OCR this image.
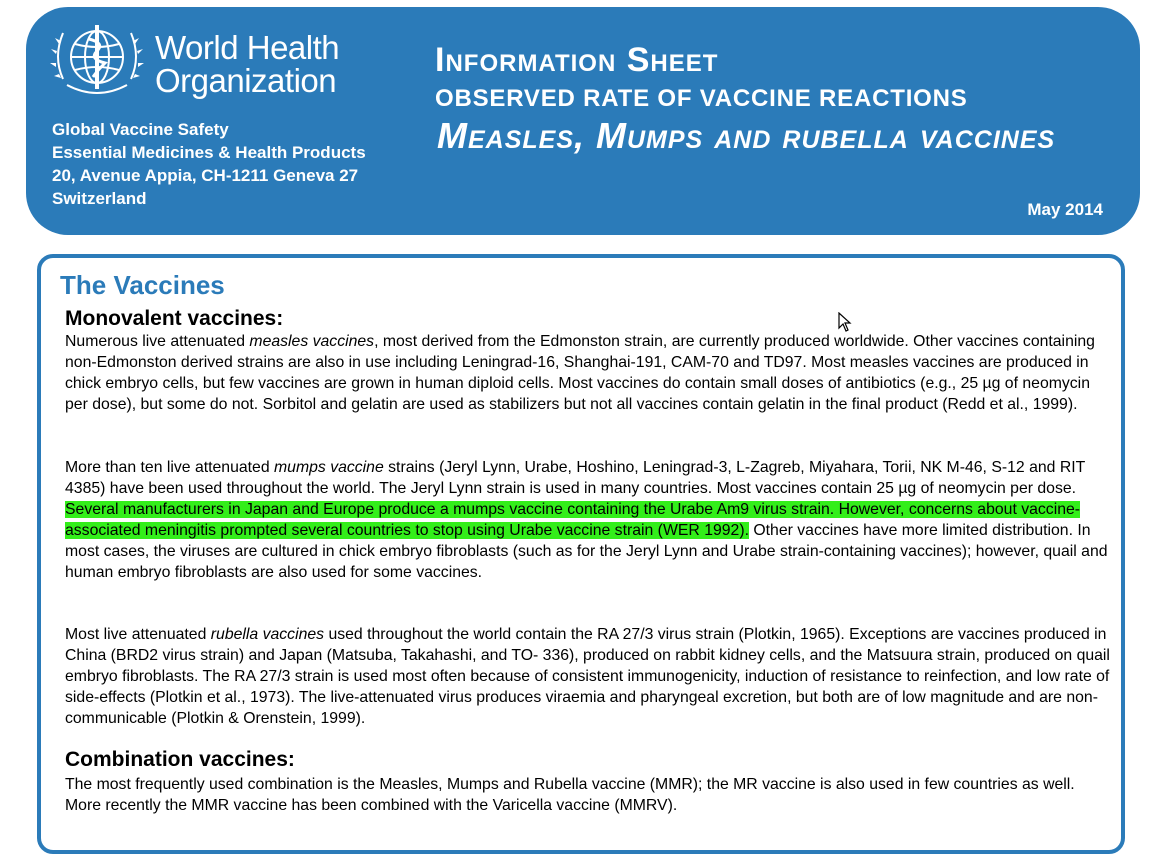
World Health
Organization
Global Vaccine Safety
Essential Medicines & Health Products
20, Avenue Appia, CH-1211 Geneva 27
Switzerland
Information Sheet
OBSERVED RATE OF VACCINE REACTIONS
Measles, Mumps and rubella vaccines
May 2014
The Vaccines
Monovalent vaccines:
Numerous live attenuated measles vaccines, most derived from the Edmonston strain, are currently produced worldwide. Other vaccines containing non-Edmonston derived strains are also in use including Leningrad-16, Shanghai-191, CAM-70 and TD97. Most measles vaccines are produced in chick embryo cells, but few vaccines are grown in human diploid cells. Most vaccines do contain small doses of antibiotics (e.g., 25 µg of neomycin per dose), but some do not. Sorbitol and gelatin are used as stabilizers but not all vaccines contain gelatin in the final product (Redd et al., 1999).
More than ten live attenuated mumps vaccine strains (Jeryl Lynn, Urabe, Hoshino, Leningrad-3, L-Zagreb, Miyahara, Torii, NK M-46, S-12 and RIT 4385) have been used throughout the world. The Jeryl Lynn strain is used in many countries. Most vaccines contain 25 µg of neomycin per dose. Several manufacturers in Japan and Europe produce a mumps vaccine containing the Urabe Am9 virus strain. However, concerns about vaccine-associated meningitis prompted several countries to stop using Urabe vaccine strain (WER 1992). Other vaccines have more limited distribution. In most cases, the viruses are cultured in chick embryo fibroblasts (such as for the Jeryl Lynn and Urabe strain-containing vaccines); however, quail and human embryo fibroblasts are also used for some vaccines.
Most live attenuated rubella vaccines used throughout the world contain the RA 27/3 virus strain (Plotkin, 1965). Exceptions are vaccines produced in China (BRD2 virus strain) and Japan (Matsuba, Takahashi, and TO- 336), produced on rabbit kidney cells, and the Matsuura strain, produced on quail embryo fibroblasts. The RA 27/3 strain is used most often because of consistent immunogenicity, induction of resistance to reinfection, and low rate of side-effects (Plotkin et al., 1973). The live-attenuated virus produces viraemia and pharyngeal excretion, but both are of low magnitude and are non-communicable (Plotkin & Orenstein, 1999).
Combination vaccines:
The most frequently used combination is the Measles, Mumps and Rubella vaccine (MMR); the MR vaccine is also used in few countries as well. More recently the MMR vaccine has been combined with the Varicella vaccine (MMRV).
